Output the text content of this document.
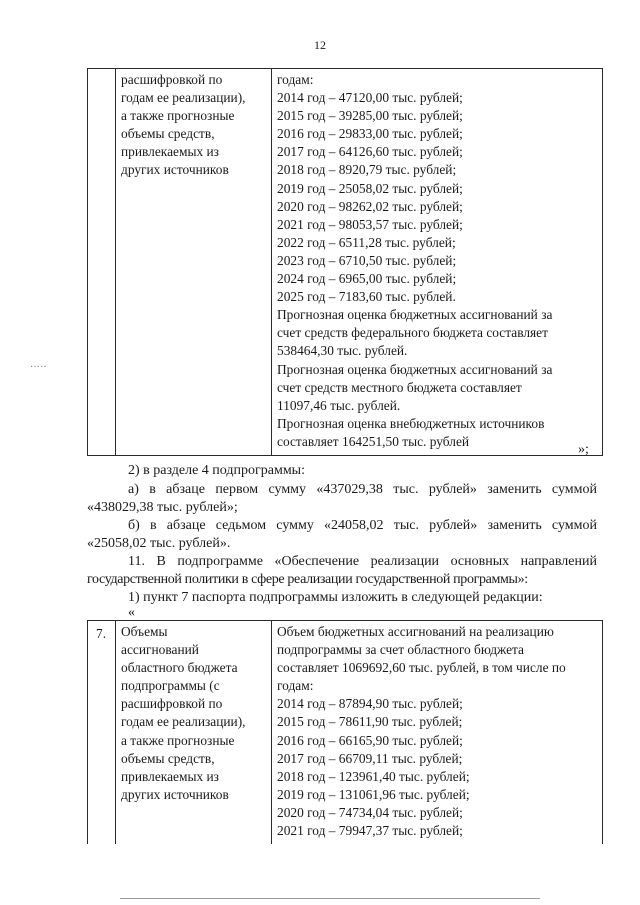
12
·····

расшифровкой по
годам ее реализации),
а также прогнозные
объемы средств,
привлекаемых из
других источников

годам:
2014 год – 47120,00 тыс. рублей;
2015 год – 39285,00 тыс. рублей;
2016 год – 29833,00 тыс. рублей;
2017 год – 64126,60 тыс. рублей;
2018 год – 8920,79 тыс. рублей;
2019 год – 25058,02 тыс. рублей;
2020 год – 98262,02 тыс. рублей;
2021 год – 98053,57 тыс. рублей;
2022 год – 6511,28 тыс. рублей;
2023 год – 6710,50 тыс. рублей;
2024 год – 6965,00 тыс. рублей;
2025 год – 7183,60 тыс. рублей.
Прогнозная оценка бюджетных ассигнований за
счет средств федерального бюджета составляет
538464,30 тыс. рублей.
Прогнозная оценка бюджетных ассигнований за
счет средств местного бюджета составляет
11097,46 тыс. рублей.
Прогнозная оценка внебюджетных источников
составляет 164251,50 тыс. рублей
»;
2) в разделе 4 подпрограммы:
а) в абзаце первом сумму «437029,38 тыс. рублей» заменить суммой
«438029,38 тыс. рублей»;
б) в абзаце седьмом сумму «24058,02 тыс. рублей» заменить суммой
«25058,02 тыс. рублей».
11. В подпрограмме «Обеспечение реализации основных направлений
государственной политики в сфере реализации государственной программы»:
1) пункт 7 паспорта подпрограммы изложить в следующей редакции:
«
7.	Объемы
ассигнований
областного бюджета
подпрограммы (с
расшифровкой по
годам ее реализации),
а также прогнозные
объемы средств,
привлекаемых из
других источников

Объем бюджетных ассигнований на реализацию
подпрограммы за счет областного бюджета
составляет 1069692,60 тыс. рублей, в том числе по
годам:
2014 год – 87894,90 тыс. рублей;
2015 год – 78611,90 тыс. рублей;
2016 год – 66165,90 тыс. рублей;
2017 год – 66709,11 тыс. рублей;
2018 год – 123961,40 тыс. рублей;
2019 год – 131061,96 тыс. рублей;
2020 год – 74734,04 тыс. рублей;
2021 год – 79947,37 тыс. рублей;
